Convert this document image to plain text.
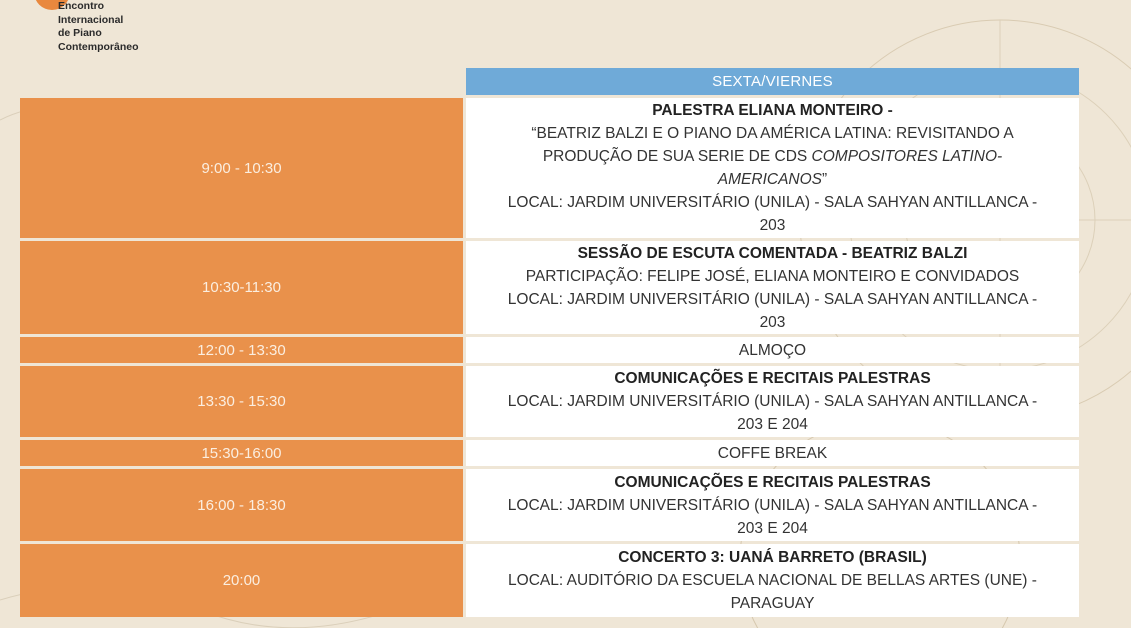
Encontro
Internacional
de Piano
Contemporâneo
SEXTA/VIERNES
9:00 - 10:30
PALESTRA ELIANA MONTEIRO -
“BEATRIZ BALZI E O PIANO DA AMÉRICA LATINA: REVISITANDO A
PRODUÇÃO DE SUA SERIE DE CDS COMPOSITORES LATINO-
AMERICANOS”
LOCAL: JARDIM UNIVERSITÁRIO (UNILA) - SALA SAHYAN ANTILLANCA -
203
10:30-11:30
SESSÃO DE ESCUTA COMENTADA - BEATRIZ BALZI
PARTICIPAÇÃO: FELIPE JOSÉ, ELIANA MONTEIRO E CONVIDADOS
LOCAL: JARDIM UNIVERSITÁRIO (UNILA) - SALA SAHYAN ANTILLANCA -
203
12:00 - 13:30	ALMOÇO
13:30 - 15:30
COMUNICAÇÕES E RECITAIS PALESTRAS
LOCAL: JARDIM UNIVERSITÁRIO (UNILA) - SALA SAHYAN ANTILLANCA -
203 E 204
15:30-16:00	COFFE BREAK
16:00 - 18:30
COMUNICAÇÕES E RECITAIS PALESTRAS
LOCAL: JARDIM UNIVERSITÁRIO (UNILA) - SALA SAHYAN ANTILLANCA -
203 E 204
20:00
CONCERTO 3: UANÁ BARRETO (BRASIL)
LOCAL: AUDITÓRIO DA ESCUELA NACIONAL DE BELLAS ARTES (UNE) -
PARAGUAY
